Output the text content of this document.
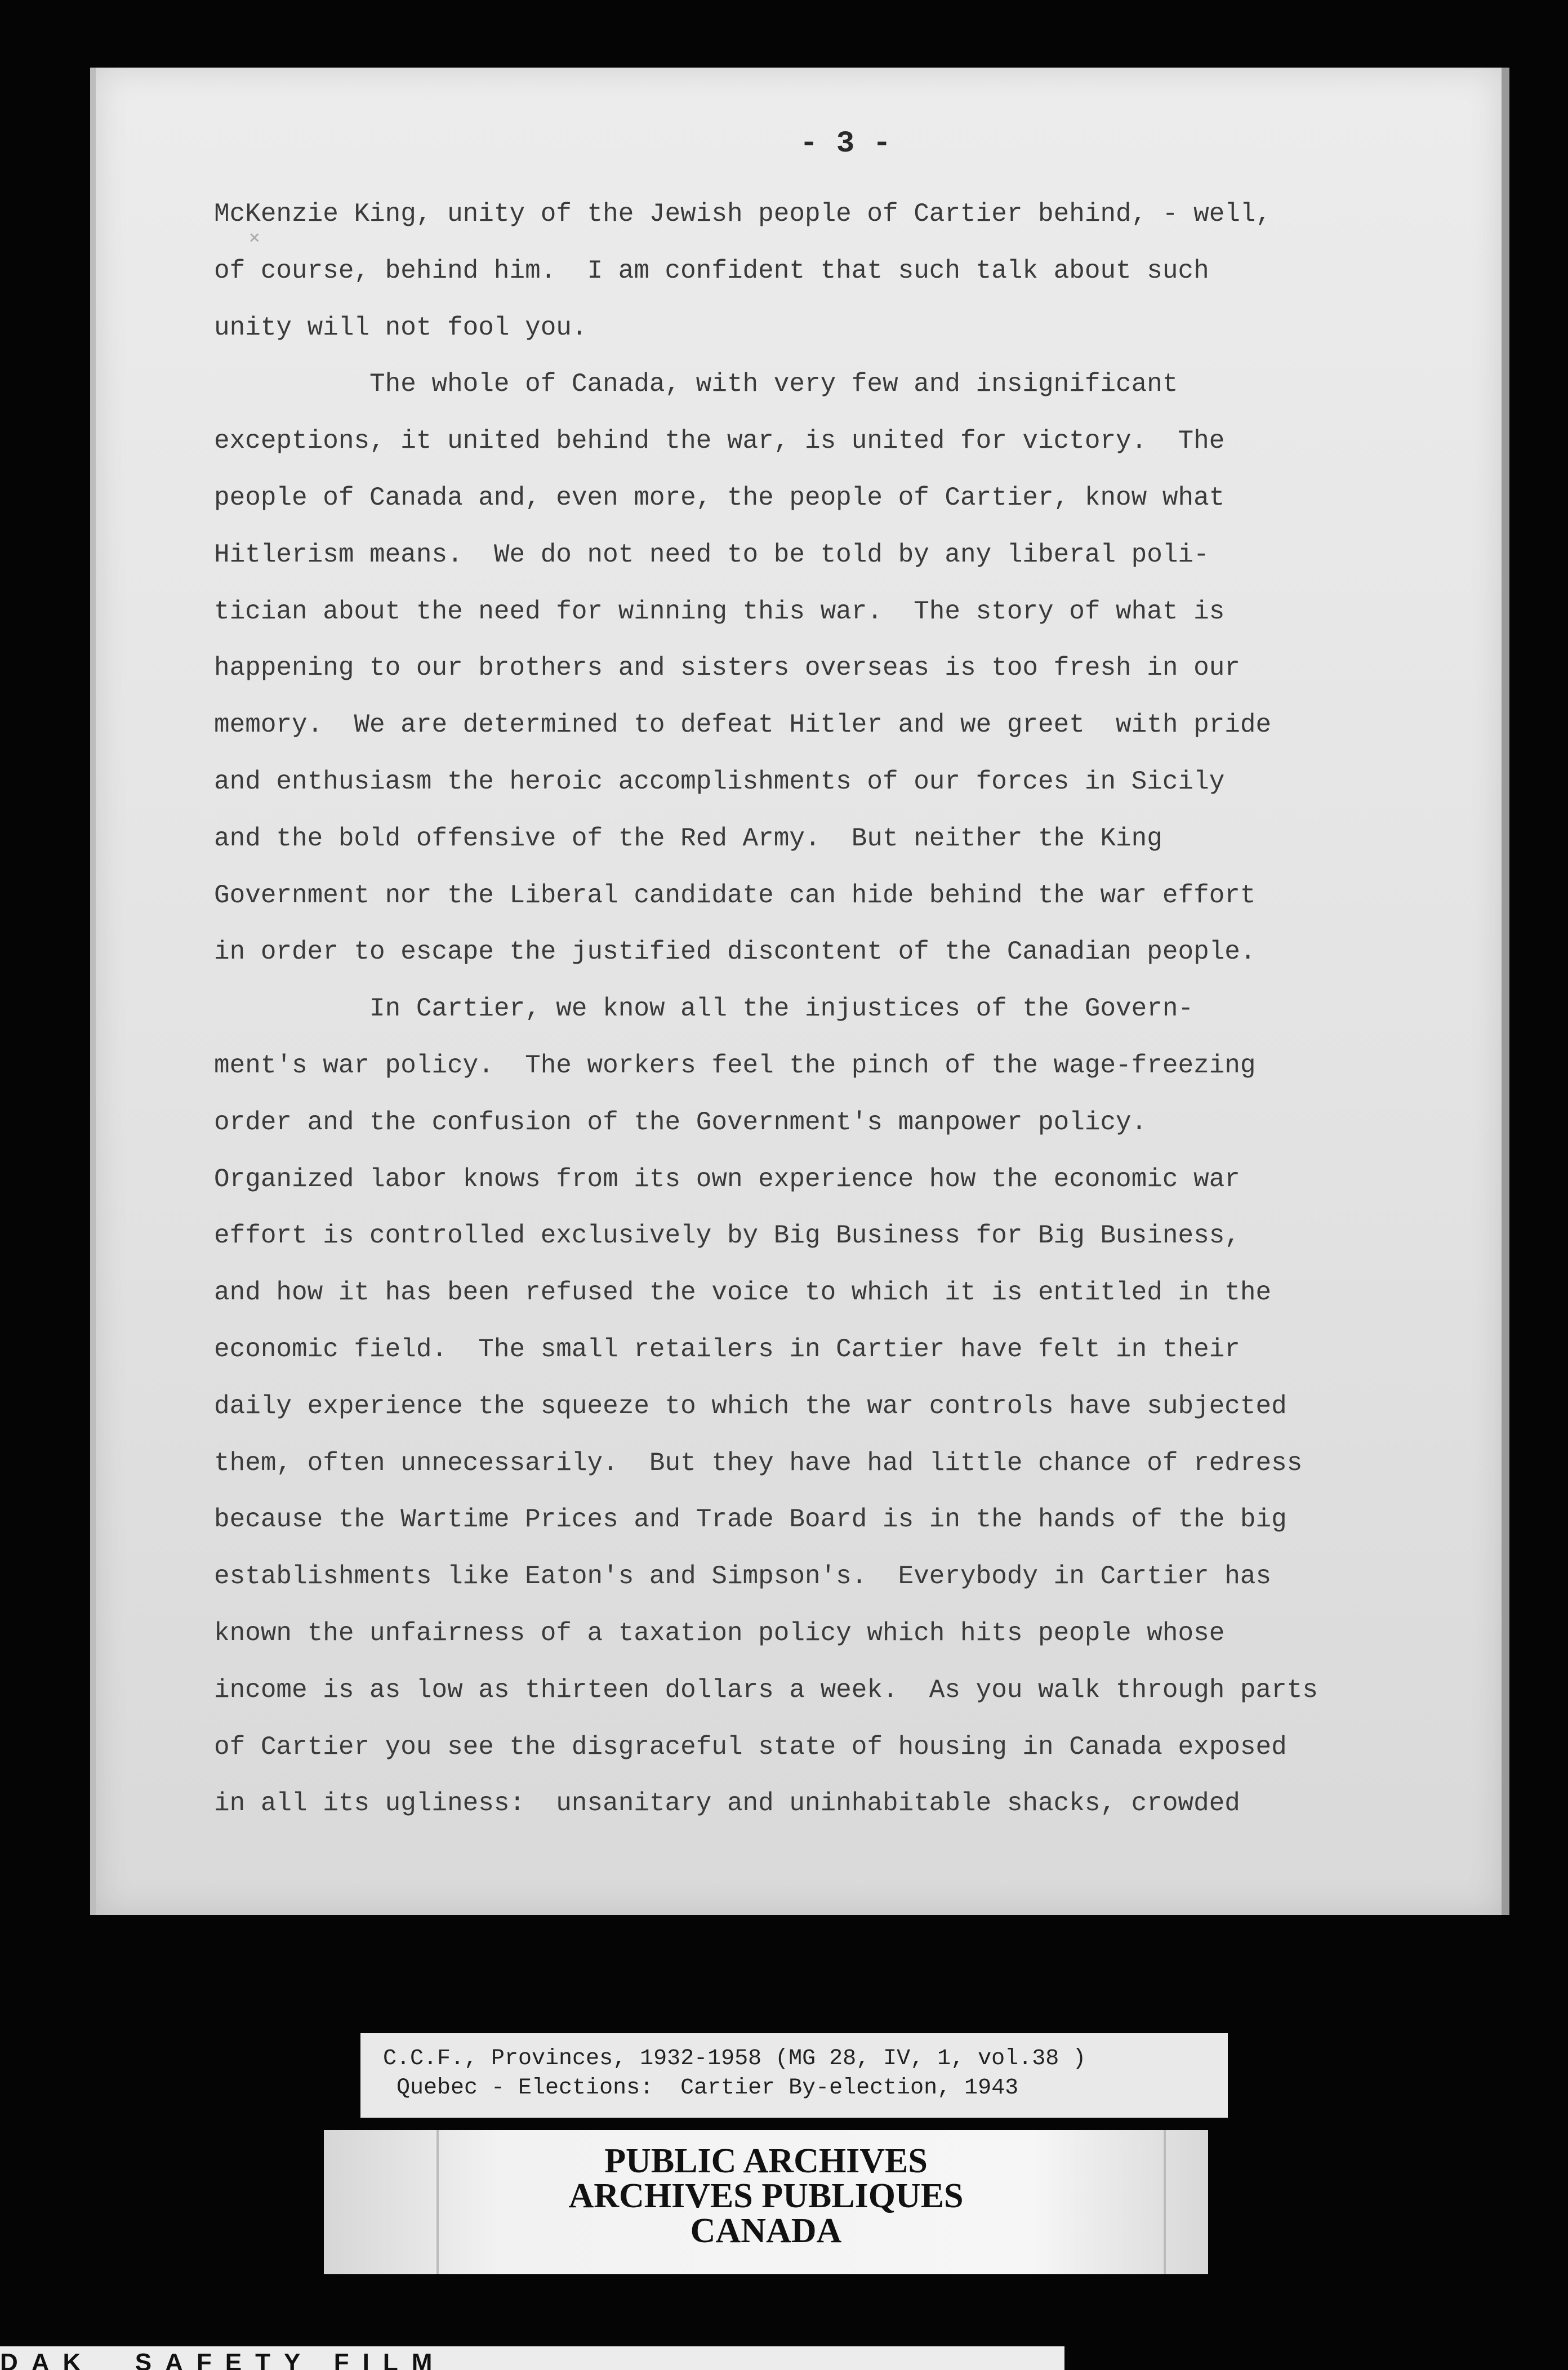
- 3 -
˟
McKenzie King, unity of the Jewish people of Cartier behind, - well,
of course, behind him.  I am confident that such talk about such
unity will not fool you.
The whole of Canada, with very few and insignificant
exceptions, it united behind the war, is united for victory.  The
people of Canada and, even more, the people of Cartier, know what
Hitlerism means.  We do not need to be told by any liberal poli-
tician about the need for winning this war.  The story of what is
happening to our brothers and sisters overseas is too fresh in our
memory.  We are determined to defeat Hitler and we greet  with pride
and enthusiasm the heroic accomplishments of our forces in Sicily
and the bold offensive of the Red Army.  But neither the King
Government nor the Liberal candidate can hide behind the war effort
in order to escape the justified discontent of the Canadian people.
In Cartier, we know all the injustices of the Govern-
ment's war policy.  The workers feel the pinch of the wage-freezing
order and the confusion of the Government's manpower policy.
Organized labor knows from its own experience how the economic war
effort is controlled exclusively by Big Business for Big Business,
and how it has been refused the voice to which it is entitled in the
economic field.  The small retailers in Cartier have felt in their
daily experience the squeeze to which the war controls have subjected
them, often unnecessarily.  But they have had little chance of redress
because the Wartime Prices and Trade Board is in the hands of the big
establishments like Eaton's and Simpson's.  Everybody in Cartier has
known the unfairness of a taxation policy which hits people whose
income is as low as thirteen dollars a week.  As you walk through parts
of Cartier you see the disgraceful state of housing in Canada exposed
in all its ugliness:  unsanitary and uninhabitable shacks, crowded
C.C.F., Provinces, 1932-1958 (MG 28, IV, 1, vol.38 )
Quebec - Elections:  Cartier By-election, 1943
PUBLIC ARCHIVES
ARCHIVES PUBLIQUES
CANADA
DAK  SAFETY FILM
